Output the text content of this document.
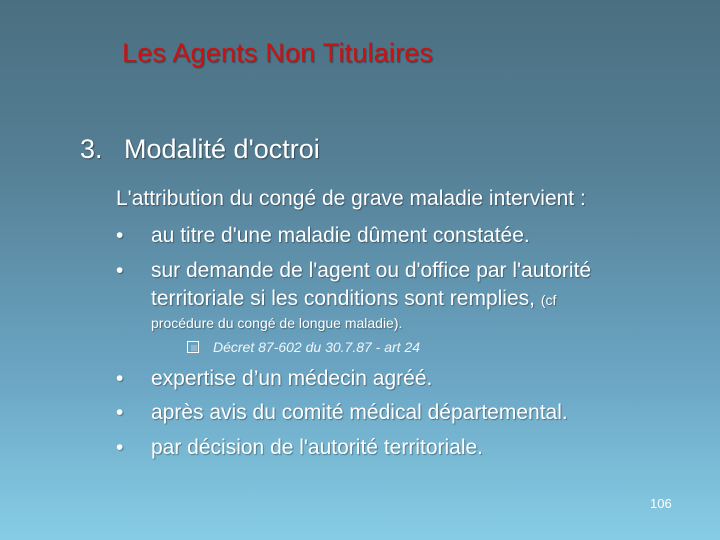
Les Agents Non Titulaires
3. Modalité d'octroi
L'attribution du congé de grave maladie intervient :
•	au titre d'une maladie dûment constatée.
•	sur demande de l'agent ou d'office par l'autorité
territoriale si les conditions sont remplies, (cf
procédure du congé de longue maladie).
Décret 87-602 du 30.7.87 - art 24
•	expertise d’un médecin agréé.
•	après avis du comité médical départemental.
•	par décision de l'autorité territoriale.
106
